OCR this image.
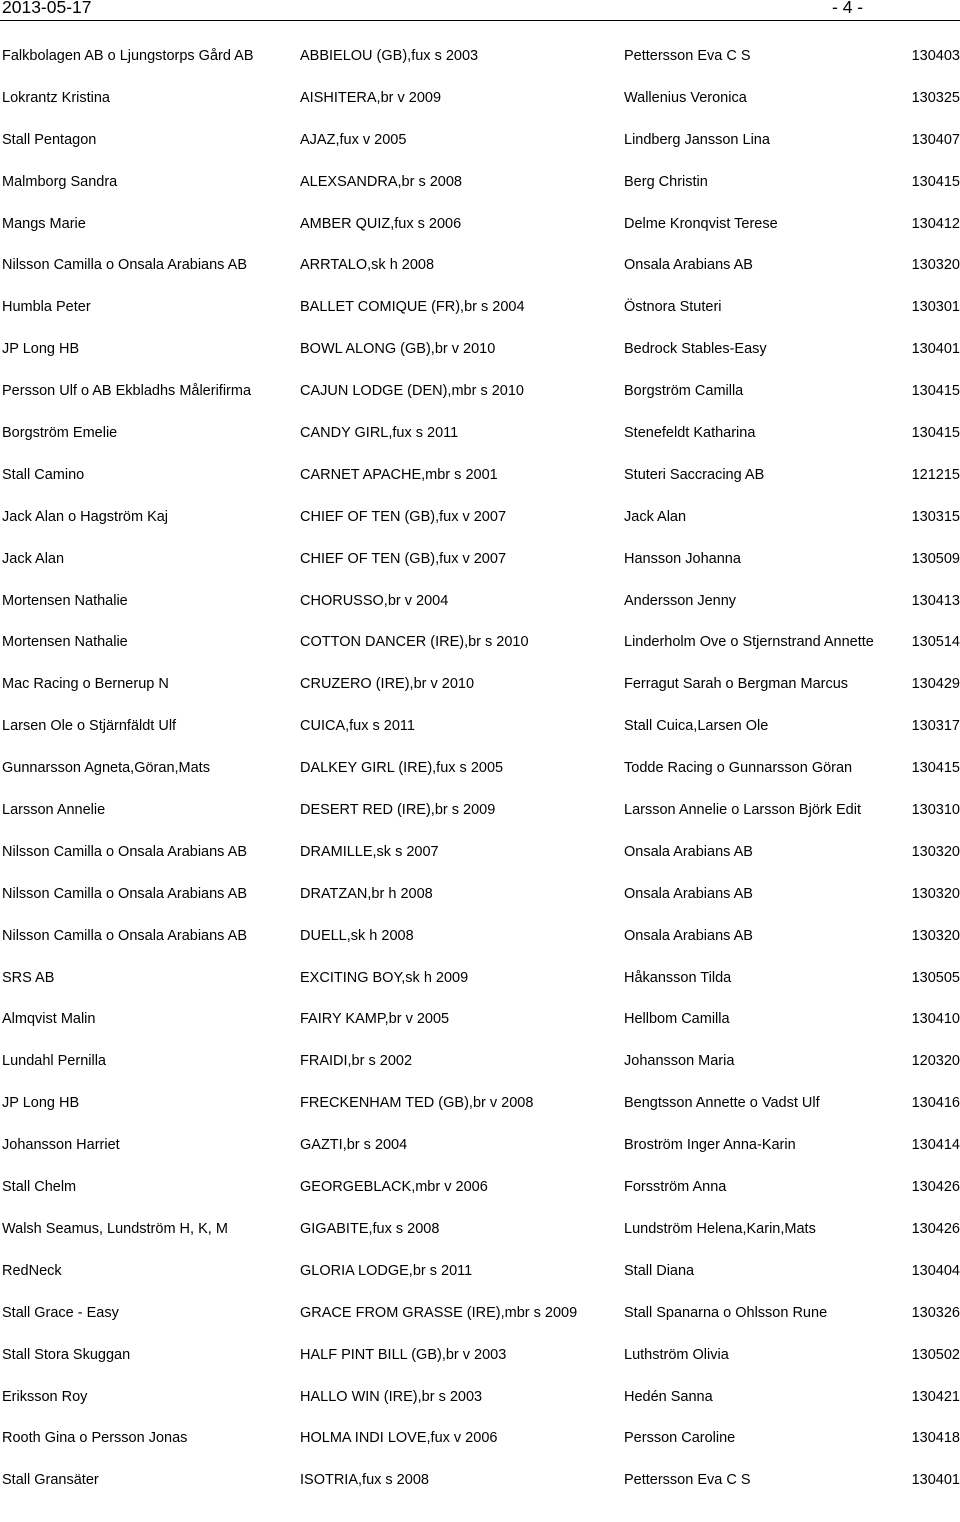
2013-05-17	- 4 -
Falkbolagen AB o Ljungstorps Gård AB	ABBIELOU (GB),fux s 2003	Pettersson Eva C S	130403
Lokrantz Kristina	AISHITERA,br v 2009	Wallenius Veronica	130325
Stall Pentagon	AJAZ,fux v 2005	Lindberg Jansson Lina	130407
Malmborg Sandra	ALEXSANDRA,br s 2008	Berg Christin	130415
Mangs Marie	AMBER QUIZ,fux s 2006	Delme Kronqvist Terese	130412
Nilsson Camilla o Onsala Arabians AB	ARRTALO,sk h 2008	Onsala Arabians AB	130320
Humbla Peter	BALLET COMIQUE (FR),br s 2004	Östnora Stuteri	130301
JP Long HB	BOWL ALONG (GB),br v 2010	Bedrock Stables-Easy	130401
Persson Ulf o AB Ekbladhs Målerifirma	CAJUN LODGE (DEN),mbr s 2010	Borgström Camilla	130415
Borgström Emelie	CANDY GIRL,fux s 2011	Stenefeldt Katharina	130415
Stall Camino	CARNET APACHE,mbr s 2001	Stuteri Saccracing AB	121215
Jack Alan o Hagström Kaj	CHIEF OF TEN (GB),fux v 2007	Jack Alan	130315
Jack Alan	CHIEF OF TEN (GB),fux v 2007	Hansson Johanna	130509
Mortensen Nathalie	CHORUSSO,br v 2004	Andersson Jenny	130413
Mortensen Nathalie	COTTON DANCER (IRE),br s 2010	Linderholm Ove o Stjernstrand Annette	130514
Mac Racing o Bernerup N	CRUZERO (IRE),br v 2010	Ferragut Sarah o Bergman Marcus	130429
Larsen Ole o Stjärnfäldt Ulf	CUICA,fux s 2011	Stall Cuica,Larsen Ole	130317
Gunnarsson Agneta,Göran,Mats	DALKEY GIRL (IRE),fux s 2005	Todde Racing o Gunnarsson Göran	130415
Larsson Annelie	DESERT RED (IRE),br s 2009	Larsson Annelie o Larsson Björk Edit	130310
Nilsson Camilla o Onsala Arabians AB	DRAMILLE,sk s 2007	Onsala Arabians AB	130320
Nilsson Camilla o Onsala Arabians AB	DRATZAN,br h 2008	Onsala Arabians AB	130320
Nilsson Camilla o Onsala Arabians AB	DUELL,sk h 2008	Onsala Arabians AB	130320
SRS AB	EXCITING BOY,sk h 2009	Håkansson Tilda	130505
Almqvist Malin	FAIRY KAMP,br v 2005	Hellbom Camilla	130410
Lundahl Pernilla	FRAIDI,br s 2002	Johansson Maria	120320
JP Long HB	FRECKENHAM TED (GB),br v 2008	Bengtsson Annette o Vadst Ulf	130416
Johansson Harriet	GAZTI,br s 2004	Broström Inger Anna-Karin	130414
Stall Chelm	GEORGEBLACK,mbr v 2006	Forsström Anna	130426
Walsh Seamus, Lundström H, K, M	GIGABITE,fux s 2008	Lundström Helena,Karin,Mats	130426
RedNeck	GLORIA LODGE,br s 2011	Stall Diana	130404
Stall Grace - Easy	GRACE FROM GRASSE (IRE),mbr s 2009	Stall Spanarna o Ohlsson Rune	130326
Stall Stora Skuggan	HALF PINT BILL (GB),br v 2003	Luthström Olivia	130502
Eriksson Roy	HALLO WIN (IRE),br s 2003	Hedén Sanna	130421
Rooth Gina o Persson Jonas	HOLMA INDI LOVE,fux v 2006	Persson Caroline	130418
Stall Gransäter	ISOTRIA,fux s 2008	Pettersson Eva C S	130401
